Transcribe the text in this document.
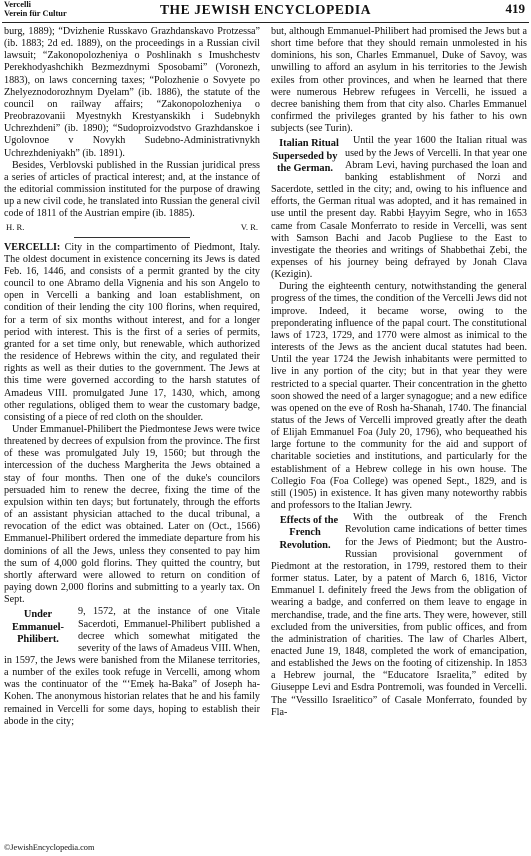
Vercelli
Verein für Cultur	THE JEWISH ENCYCLOPEDIA	419

burg, 1889); “Dvizhenie Russkavo Grazhdanskavo Protzessa” (ib. 1883; 2d ed. 1889), on the proceedings in a Russian civil lawsuit; “Zakonopolozheniya o Poshlinakh s Imushchestv Perekhodyashchikh Bezmezdnymi Sposobami” (Voronezh, 1883), on laws concerning taxes; “Polozhenie o Sovyete po Zhelyeznodorozhnym Dyelam” (ib. 1886), the statute of the council on railway affairs; “Zakonopolozheniya o Preobrazovanii Myestnykh Krestyanskikh i Sudebnykh Uchrezhdeni” (ib. 1890); “Sudoproizvodstvo Grazhdanskoe i Ugolovnoe v Novykh Sudebno-Administrativnykh Uchrezhdeniyakh” (ib. 1891).

Besides, Verblovski published in the Russian juridical press a series of articles of practical interest; and, at the instance of the editorial commission instituted for the purpose of drawing up a new civil code, he translated into Russian the general civil code of 1811 of the Austrian empire (ib. 1885).

H. R.	V. R.

VERCELLI: City in the compartimento of Piedmont, Italy. The oldest document in existence concerning its Jews is dated Feb. 16, 1446, and consists of a permit granted by the city council to one Abramo della Vignenia and his son Angelo to open in Vercelli a banking and loan establishment, on condition of their lending the city 100 florins, when required, for a term of six months without interest, and for a longer period with interest. This is the first of a series of permits, granted for a set time only, but renewable, which authorized the residence of Hebrews within the city, and regulated their rights as well as their duties to the government. The Jews at this time were governed according to the harsh statutes of Amadeus VIII. promulgated June 17, 1430, which, among other regulations, obliged them to wear the customary badge, consisting of a piece of red cloth on the shoulder.

Under Emmanuel-Philibert the Piedmontese Jews were twice threatened by decrees of expulsion from the province. The first of these was promulgated July 19, 1560; but through the intercession of the duchess Margherita the Jews obtained a stay of four months. Then one of the duke's councilors persuaded him to renew the decree, fixing the time of the expulsion within ten days; but fortunately, through the efforts of an assistant physician attached to the ducal tribunal, a revocation of the edict was obtained. Later on (Oct., 1566) Emmanuel-Philibert ordered the immediate departure from his dominions of all the Jews, unless they consented to pay him the sum of 4,000 gold florins. They quitted the country, but shortly afterward were allowed to return on condition of paying down 2,000 florins and submitting to a yearly tax. On Sept.

Under Emmanuel-Philibert.
9, 1572, at the instance of one Vitale Sacerdoti, Emmanuel-Philibert published a decree which somewhat mitigated the severity of the laws of Amadeus VIII. When, in 1597, the Jews were banished from the Milanese territories, a number of the exiles took refuge in Vercelli, among whom was the continuator of the “ʻEmeḳ ha-Baka” of Joseph ha-Kohen. The anonymous historian relates that he and his family remained in Vercelli for some days, hoping to establish their abode in the city;

but, although Emmanuel-Philibert had promised the Jews but a short time before that they should remain unmolested in his dominions, his son, Charles Emmanuel, Duke of Savoy, was unwilling to afford an asylum in his territories to the Jewish exiles from other provinces, and when he learned that there were numerous Hebrew refugees in Vercelli, he issued a decree banishing them from that city also. Charles Emmanuel confirmed the privileges granted by his father to his own subjects (see Turin).

Italian Ritual Superseded by the German.
Until the year 1600 the Italian ritual was used by the Jews of Vercelli. In that year one Abram Levi, having purchased the loan and banking establishment of Norzi and Sacerdote, settled in the city; and, owing to his influence and efforts, the German ritual was adopted, and it has remained in use until the present day. Rabbi Ḥayyim Segre, who in 1653 came from Casale Monferrato to reside in Vercelli, was sent with Samson Bachi and Jacob Pugliese to the East to investigate the theories and writings of Shabbethai Ẓebi, the expenses of his journey being defrayed by Jonah Clava (Kezigin).

During the eighteenth century, notwithstanding the general progress of the times, the condition of the Vercelli Jews did not improve. Indeed, it became worse, owing to the preponderating influence of the papal court. The constitutional laws of 1723, 1729, and 1770 were almost as inimical to the interests of the Jews as the ancient ducal statutes had been. Until the year 1724 the Jewish inhabitants were permitted to live in any portion of the city; but in that year they were restricted to a special quarter. Their concentration in the ghetto soon showed the need of a larger synagogue; and a new edifice was opened on the eve of Rosh ha-Shanah, 1740. The financial status of the Jews of Vercelli improved greatly after the death of Elijah Emmanuel Foa (July 20, 1796), who bequeathed his large fortune to the community for the aid and support of charitable societies and institutions, and particularly for the establishment of a Hebrew college in his own house. The Collegio Foa (Foa College) was opened Sept., 1829, and is still (1905) in existence. It has given many noteworthy rabbis and professors to the Italian Jewry.

Effects of the French Revolution.
With the outbreak of the French Revolution came indications of better times for the Jews of Piedmont; but the Austro-Russian provisional government of Piedmont at the restoration, in 1799, restored them to their former status. Later, by a patent of March 6, 1816, Victor Emmanuel I. definitely freed the Jews from the obligation of wearing a badge, and conferred on them leave to engage in merchandise, trade, and the fine arts. They were, however, still excluded from the universities, from public offices, and from the administration of charities. The law of Charles Albert, enacted June 19, 1848, completed the work of emancipation, and established the Jews on the footing of citizenship. In 1853 a Hebrew journal, the “Educatore Israelita,” edited by Giuseppe Levi and Esdra Pontremoli, was founded in Vercelli. The “Vessillo Israelitico” of Casale Monferrato, founded by Fla-

©JewishEncyclopedia.com
